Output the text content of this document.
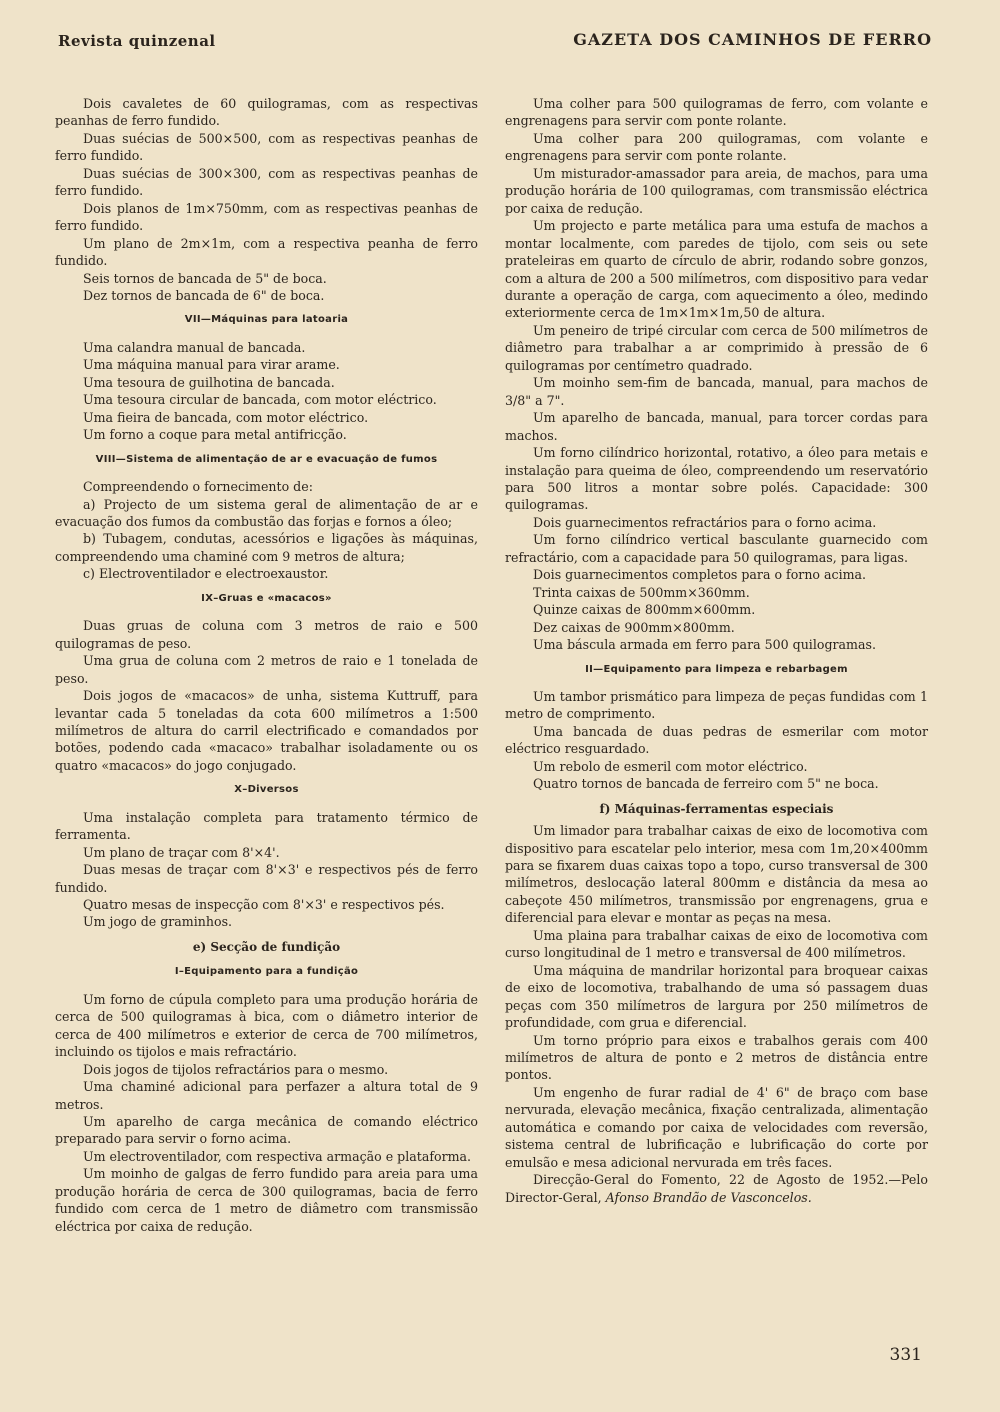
Revista quinzenal	GAZETA DOS CAMINHOS DE FERRO

Dois cavaletes de 60 quilogramas, com as respectivas peanhas de ferro fundido.

Duas suécias de 500×500, com as respectivas peanhas de ferro fundido.

Duas suécias de 300×300, com as respectivas peanhas de ferro fundido.

Dois planos de 1m×750mm, com as respectivas peanhas de ferro fundido.

Um plano de 2m×1m, com a respectiva peanha de ferro fundido.

Seis tornos de bancada de 5" de boca.

Dez tornos de bancada de 6" de boca.

VII—Máquinas para latoaria

Uma calandra manual de bancada.

Uma máquina manual para virar arame.

Uma tesoura de guilhotina de bancada.

Uma tesoura circular de bancada, com motor eléctrico.

Uma fieira de bancada, com motor eléctrico.

Um forno a coque para metal antifricção.

VIII—Sistema de alimentação de ar e evacuação de fumos

Compreendendo o fornecimento de:

a) Projecto de um sistema geral de alimentação de ar e evacuação dos fumos da combustão das forjas e fornos a óleo;

b) Tubagem, condutas, acessórios e ligações às máquinas, compreendendo uma chaminé com 9 metros de altura;

c) Electroventilador e electroexaustor.

IX–Gruas e «macacos»

Duas gruas de coluna com 3 metros de raio e 500 quilogramas de peso.

Uma grua de coluna com 2 metros de raio e 1 tonelada de peso.

Dois jogos de «macacos» de unha, sistema Kuttruff, para levantar cada 5 toneladas da cota 600 milímetros a 1:500 milímetros de altura do carril electrificado e comandados por botões, podendo cada «macaco» trabalhar isoladamente ou os quatro «macacos» do jogo conjugado.

X–Diversos

Uma instalação completa para tratamento térmico de ferramenta.

Um plano de traçar com 8'×4'.

Duas mesas de traçar com 8'×3' e respectivos pés de ferro fundido.

Quatro mesas de inspecção com 8'×3' e respectivos pés.

Um jogo de graminhos.

e) Secção de fundição
I–Equipamento para a fundição

Um forno de cúpula completo para uma produção horária de cerca de 500 quilogramas à bica, com o diâmetro interior de cerca de 400 milímetros e exterior de cerca de 700 milímetros, incluindo os tijolos e mais refractário.

Dois jogos de tijolos refractários para o mesmo.

Uma chaminé adicional para perfazer a altura total de 9 metros.

Um aparelho de carga mecânica de comando eléctrico preparado para servir o forno acima.

Um electroventilador, com respectiva armação e plataforma.

Um moinho de galgas de ferro fundido para areia para uma produção horária de cerca de 300 quilogramas, bacia de ferro fundido com cerca de 1 metro de diâmetro com transmissão eléctrica por caixa de redução.

Uma colher para 500 quilogramas de ferro, com volante e engrenagens para servir com ponte rolante.

Uma colher para 200 quilogramas, com volante e engrenagens para servir com ponte rolante.

Um misturador-amassador para areia, de machos, para uma produção horária de 100 quilogramas, com transmissão eléctrica por caixa de redução.

Um projecto e parte metálica para uma estufa de machos a montar localmente, com paredes de tijolo, com seis ou sete prateleiras em quarto de círculo de abrir, rodando sobre gonzos, com a altura de 200 a 500 milímetros, com dispositivo para vedar durante a operação de carga, com aquecimento a óleo, medindo exteriormente cerca de 1m×1m×1m,50 de altura.

Um peneiro de tripé circular com cerca de 500 milímetros de diâmetro para trabalhar a ar comprimido à pressão de 6 quilogramas por centímetro quadrado.

Um moinho sem-fim de bancada, manual, para machos de 3/8" a 7".

Um aparelho de bancada, manual, para torcer cordas para machos.

Um forno cilíndrico horizontal, rotativo, a óleo para metais e instalação para queima de óleo, compreendendo um reservatório para 500 litros a montar sobre polés. Capacidade: 300 quilogramas.

Dois guarnecimentos refractários para o forno acima.

Um forno cilíndrico vertical basculante guarnecido com refractário, com a capacidade para 50 quilogramas, para ligas.

Dois guarnecimentos completos para o forno acima.

Trinta caixas de 500mm×360mm.

Quinze caixas de 800mm×600mm.

Dez caixas de 900mm×800mm.

Uma báscula armada em ferro para 500 quilogramas.

II—Equipamento para limpeza e rebarbagem

Um tambor prismático para limpeza de peças fundidas com 1 metro de comprimento.

Uma bancada de duas pedras de esmerilar com motor eléctrico resguardado.

Um rebolo de esmeril com motor eléctrico.

Quatro tornos de bancada de ferreiro com 5" ne boca.

f) Máquinas-ferramentas especiais

Um limador para trabalhar caixas de eixo de locomotiva com dispositivo para escatelar pelo interior, mesa com 1m,20×400mm para se fixarem duas caixas topo a topo, curso transversal de 300 milímetros, deslocação lateral 800mm e distância da mesa ao cabeçote 450 milímetros, transmissão por engrenagens, grua e diferencial para elevar e montar as peças na mesa.

Uma plaina para trabalhar caixas de eixo de locomotiva com curso longitudinal de 1 metro e transversal de 400 milímetros.

Uma máquina de mandrilar horizontal para broquear caixas de eixo de locomotiva, trabalhando de uma só passagem duas peças com 350 milímetros de largura por 250 milímetros de profundidade, com grua e diferencial.

Um torno próprio para eixos e trabalhos gerais com 400 milímetros de altura de ponto e 2 metros de distância entre pontos.

Um engenho de furar radial de 4' 6" de braço com base nervurada, elevação mecânica, fixação centralizada, alimentação automática e comando por caixa de velocidades com reversão, sistema central de lubrificação e lubrificação do corte por emulsão e mesa adicional nervurada em três faces.

Direcção-Geral do Fomento, 22 de Agosto de 1952.—Pelo Director-Geral, Afonso Brandão de Vasconcelos.

331
